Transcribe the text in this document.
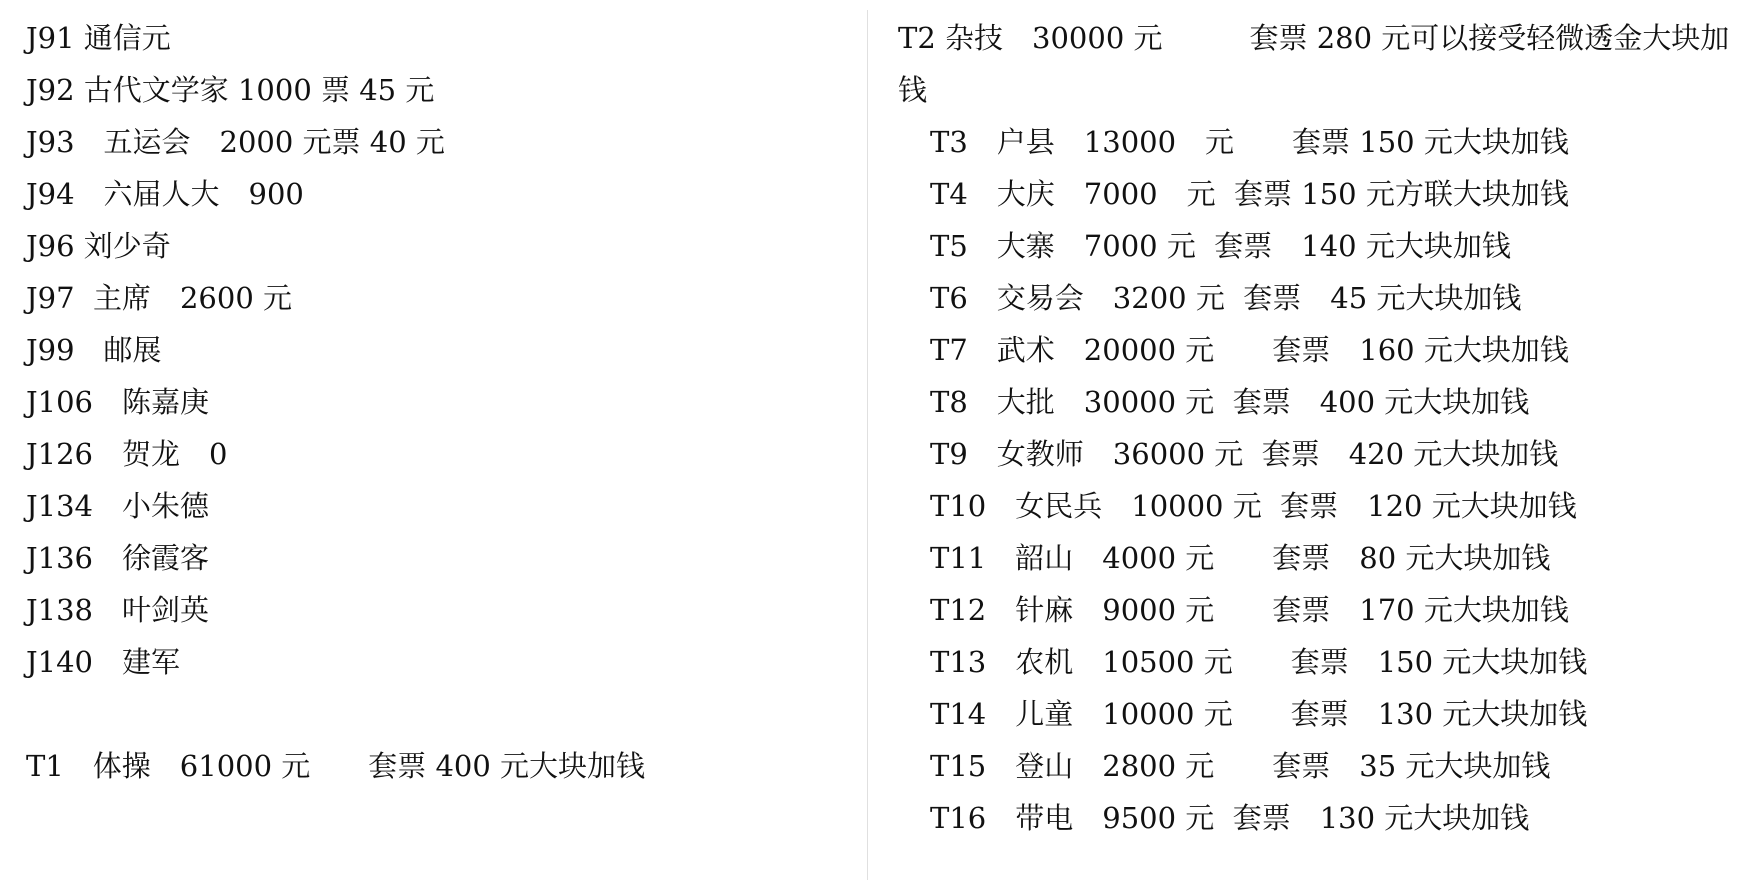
J91 通信元
J92 古代文学家 1000 票 45 元
J93　五运会　2000 元票 40 元
J94　六届人大　900
J96 刘少奇
J97  主席　2600 元
J99　邮展
J106　陈嘉庚
J126　贺龙　0
J134　小朱德
J136　徐霞客
J138　叶剑英
J140　建军
T1　体操　61000 元　　套票 400 元大块加钱
T2 杂技　30000 元　　　套票 280 元可以接受轻微透金大块加钱
T3　户县　13000　元　　套票 150 元大块加钱
T4　大庆　7000　元  套票 150 元方联大块加钱
T5　大寨　7000 元  套票　140 元大块加钱
T6　交易会　3200 元  套票　45 元大块加钱
T7　武术　20000 元　　套票　160 元大块加钱
T8　大批　30000 元  套票　400 元大块加钱
T9　女教师　36000 元  套票　420 元大块加钱
T10　女民兵　10000 元  套票　120 元大块加钱
T11　韶山　4000 元　　套票　80 元大块加钱
T12　针麻　9000 元　　套票　170 元大块加钱
T13　农机　10500 元　　套票　150 元大块加钱
T14　儿童　10000 元　　套票　130 元大块加钱
T15　登山　2800 元　　套票　35 元大块加钱
T16　带电　9500 元  套票　130 元大块加钱
